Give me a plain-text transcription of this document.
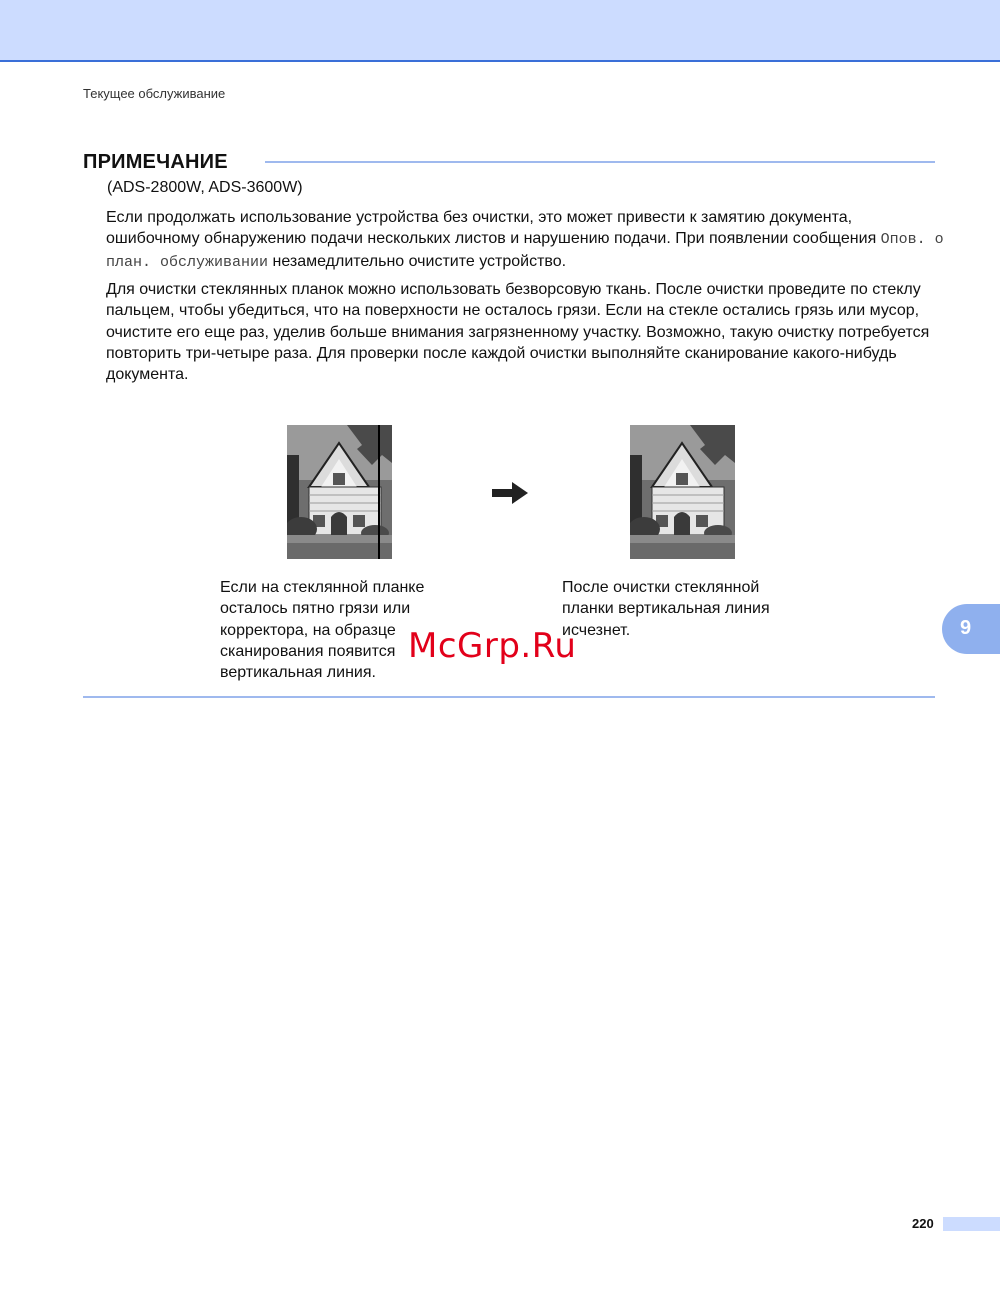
Текущее обслуживание
ПРИМЕЧАНИЕ
(ADS-2800W, ADS-3600W)
Если продолжать использование устройства без очистки, это может привести к замятию документа, ошибочному обнаружению подачи нескольких листов и нарушению подачи. При появлении сообщения Опов. о план. обслуживании незамедлительно очистите устройство.
Для очистки стеклянных планок можно использовать безворсовую ткань. После очистки проведите по стеклу пальцем, чтобы убедиться, что на поверхности не осталось грязи. Если на стекле остались грязь или мусор, очистите его еще раз, уделив больше внимания загрязненному участку. Возможно, такую очистку потребуется повторить три-четыре раза. Для проверки после каждой очистки выполняйте сканирование какого-нибудь документа.
Если на стеклянной планке осталось пятно грязи или корректора, на образце сканирования появится вертикальная линия.
После очистки стеклянной планки вертикальная линия исчезнет.
McGrp.Ru	9
220
